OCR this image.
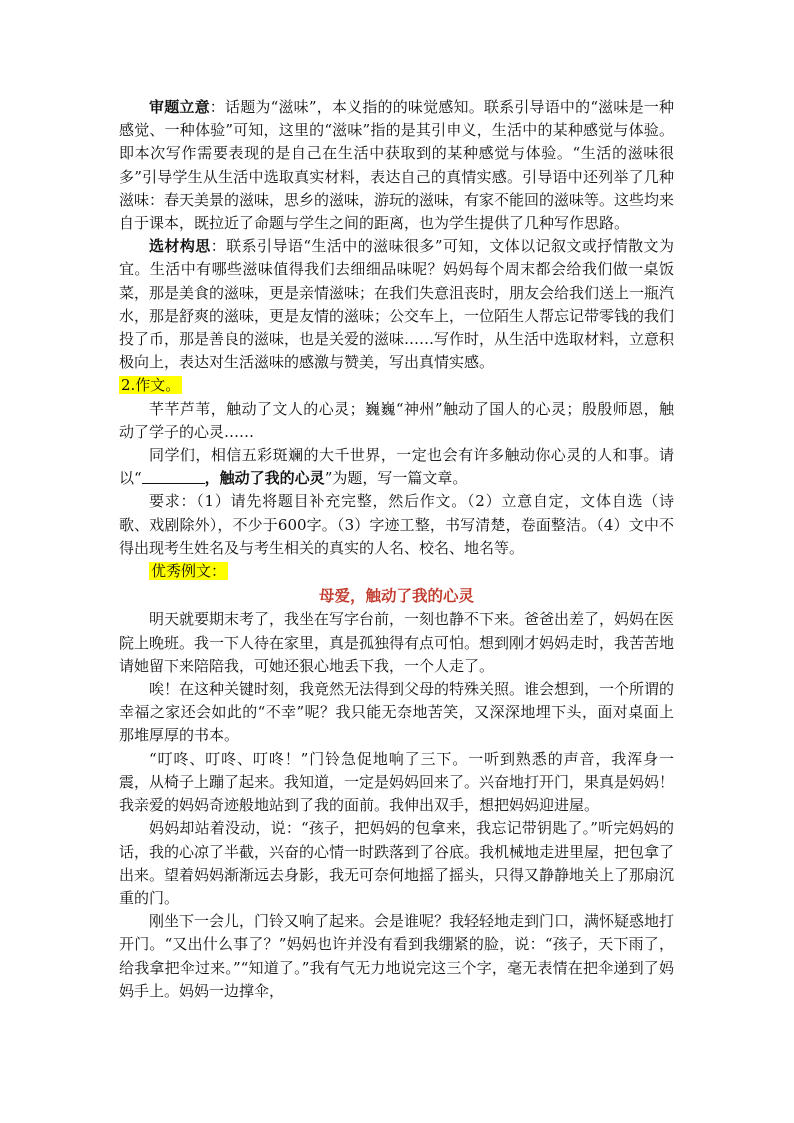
审题立意：话题为“滋味”，本义指的的味觉感知。联系引导语中的“滋味是一种感觉、一种体验”可知，这里的“滋味”指的是其引申义，生活中的某种感觉与体验。即本次写作需要表现的是自己在生活中获取到的某种感觉与体验。“生活的滋味很多”引导学生从生活中选取真实材料，表达自己的真情实感。引导语中还列举了几种滋味：春天美景的滋味，思乡的滋味，游玩的滋味，有家不能回的滋味等。这些均来自于课本，既拉近了命题与学生之间的距离，也为学生提供了几种写作思路。

选材构思：联系引导语“生活中的滋味很多”可知，文体以记叙文或抒情散文为宜。生活中有哪些滋味值得我们去细细品味呢？妈妈每个周末都会给我们做一桌饭菜，那是美食的滋味，更是亲情滋味；在我们失意沮丧时，朋友会给我们送上一瓶汽水，那是舒爽的滋味，更是友情的滋味；公交车上，一位陌生人帮忘记带零钱的我们投了币，那是善良的滋味，也是关爱的滋味……写作时，从生活中选取材料，立意积极向上，表达对生活滋味的感激与赞美，写出真情实感。

2.作文。

芊芊芦苇，触动了文人的心灵；巍巍“神州”触动了国人的心灵；殷殷师恩，触动了学子的心灵……

同学们，相信五彩斑斓的大千世界，一定也会有许多触动你心灵的人和事。请以“	，触动了我的心灵”为题，写一篇文章。

要求：（1）请先将题目补充完整，然后作文。（2）立意自定，文体自选（诗歌、戏剧除外），不少于600字。（3）字迹工整，书写清楚，卷面整洁。（4）文中不得出现考生姓名及与考生相关的真实的人名、校名、地名等。

优秀例文：

母爱，触动了我的心灵

明天就要期末考了，我坐在写字台前，一刻也静不下来。爸爸出差了，妈妈在医院上晚班。我一下人待在家里，真是孤独得有点可怕。想到刚才妈妈走时，我苦苦地请她留下来陪陪我，可她还狠心地丢下我，一个人走了。

唉！在这种关键时刻，我竟然无法得到父母的特殊关照。谁会想到，一个所谓的幸福之家还会如此的“不幸”呢？我只能无奈地苦笑，又深深地埋下头，面对桌面上那堆厚厚的书本。

“叮咚、叮咚、叮咚！”门铃急促地响了三下。一听到熟悉的声音，我浑身一震，从椅子上蹦了起来。我知道，一定是妈妈回来了。兴奋地打开门，果真是妈妈！我亲爱的妈妈奇迹般地站到了我的面前。我伸出双手，想把妈妈迎进屋。

妈妈却站着没动，说：“孩子，把妈妈的包拿来，我忘记带钥匙了。”听完妈妈的话，我的心凉了半截，兴奋的心情一时跌落到了谷底。我机械地走进里屋，把包拿了出来。望着妈妈渐渐远去身影，我无可奈何地摇了摇头，只得又静静地关上了那扇沉重的门。

刚坐下一会儿，门铃又响了起来。会是谁呢？我轻轻地走到门口，满怀疑惑地打开门。“又出什么事了？”妈妈也许并没有看到我绷紧的脸，说：“孩子，天下雨了，给我拿把伞过来。”“知道了。”我有气无力地说完这三个字，毫无表情在把伞递到了妈妈手上。妈妈一边撑伞，
